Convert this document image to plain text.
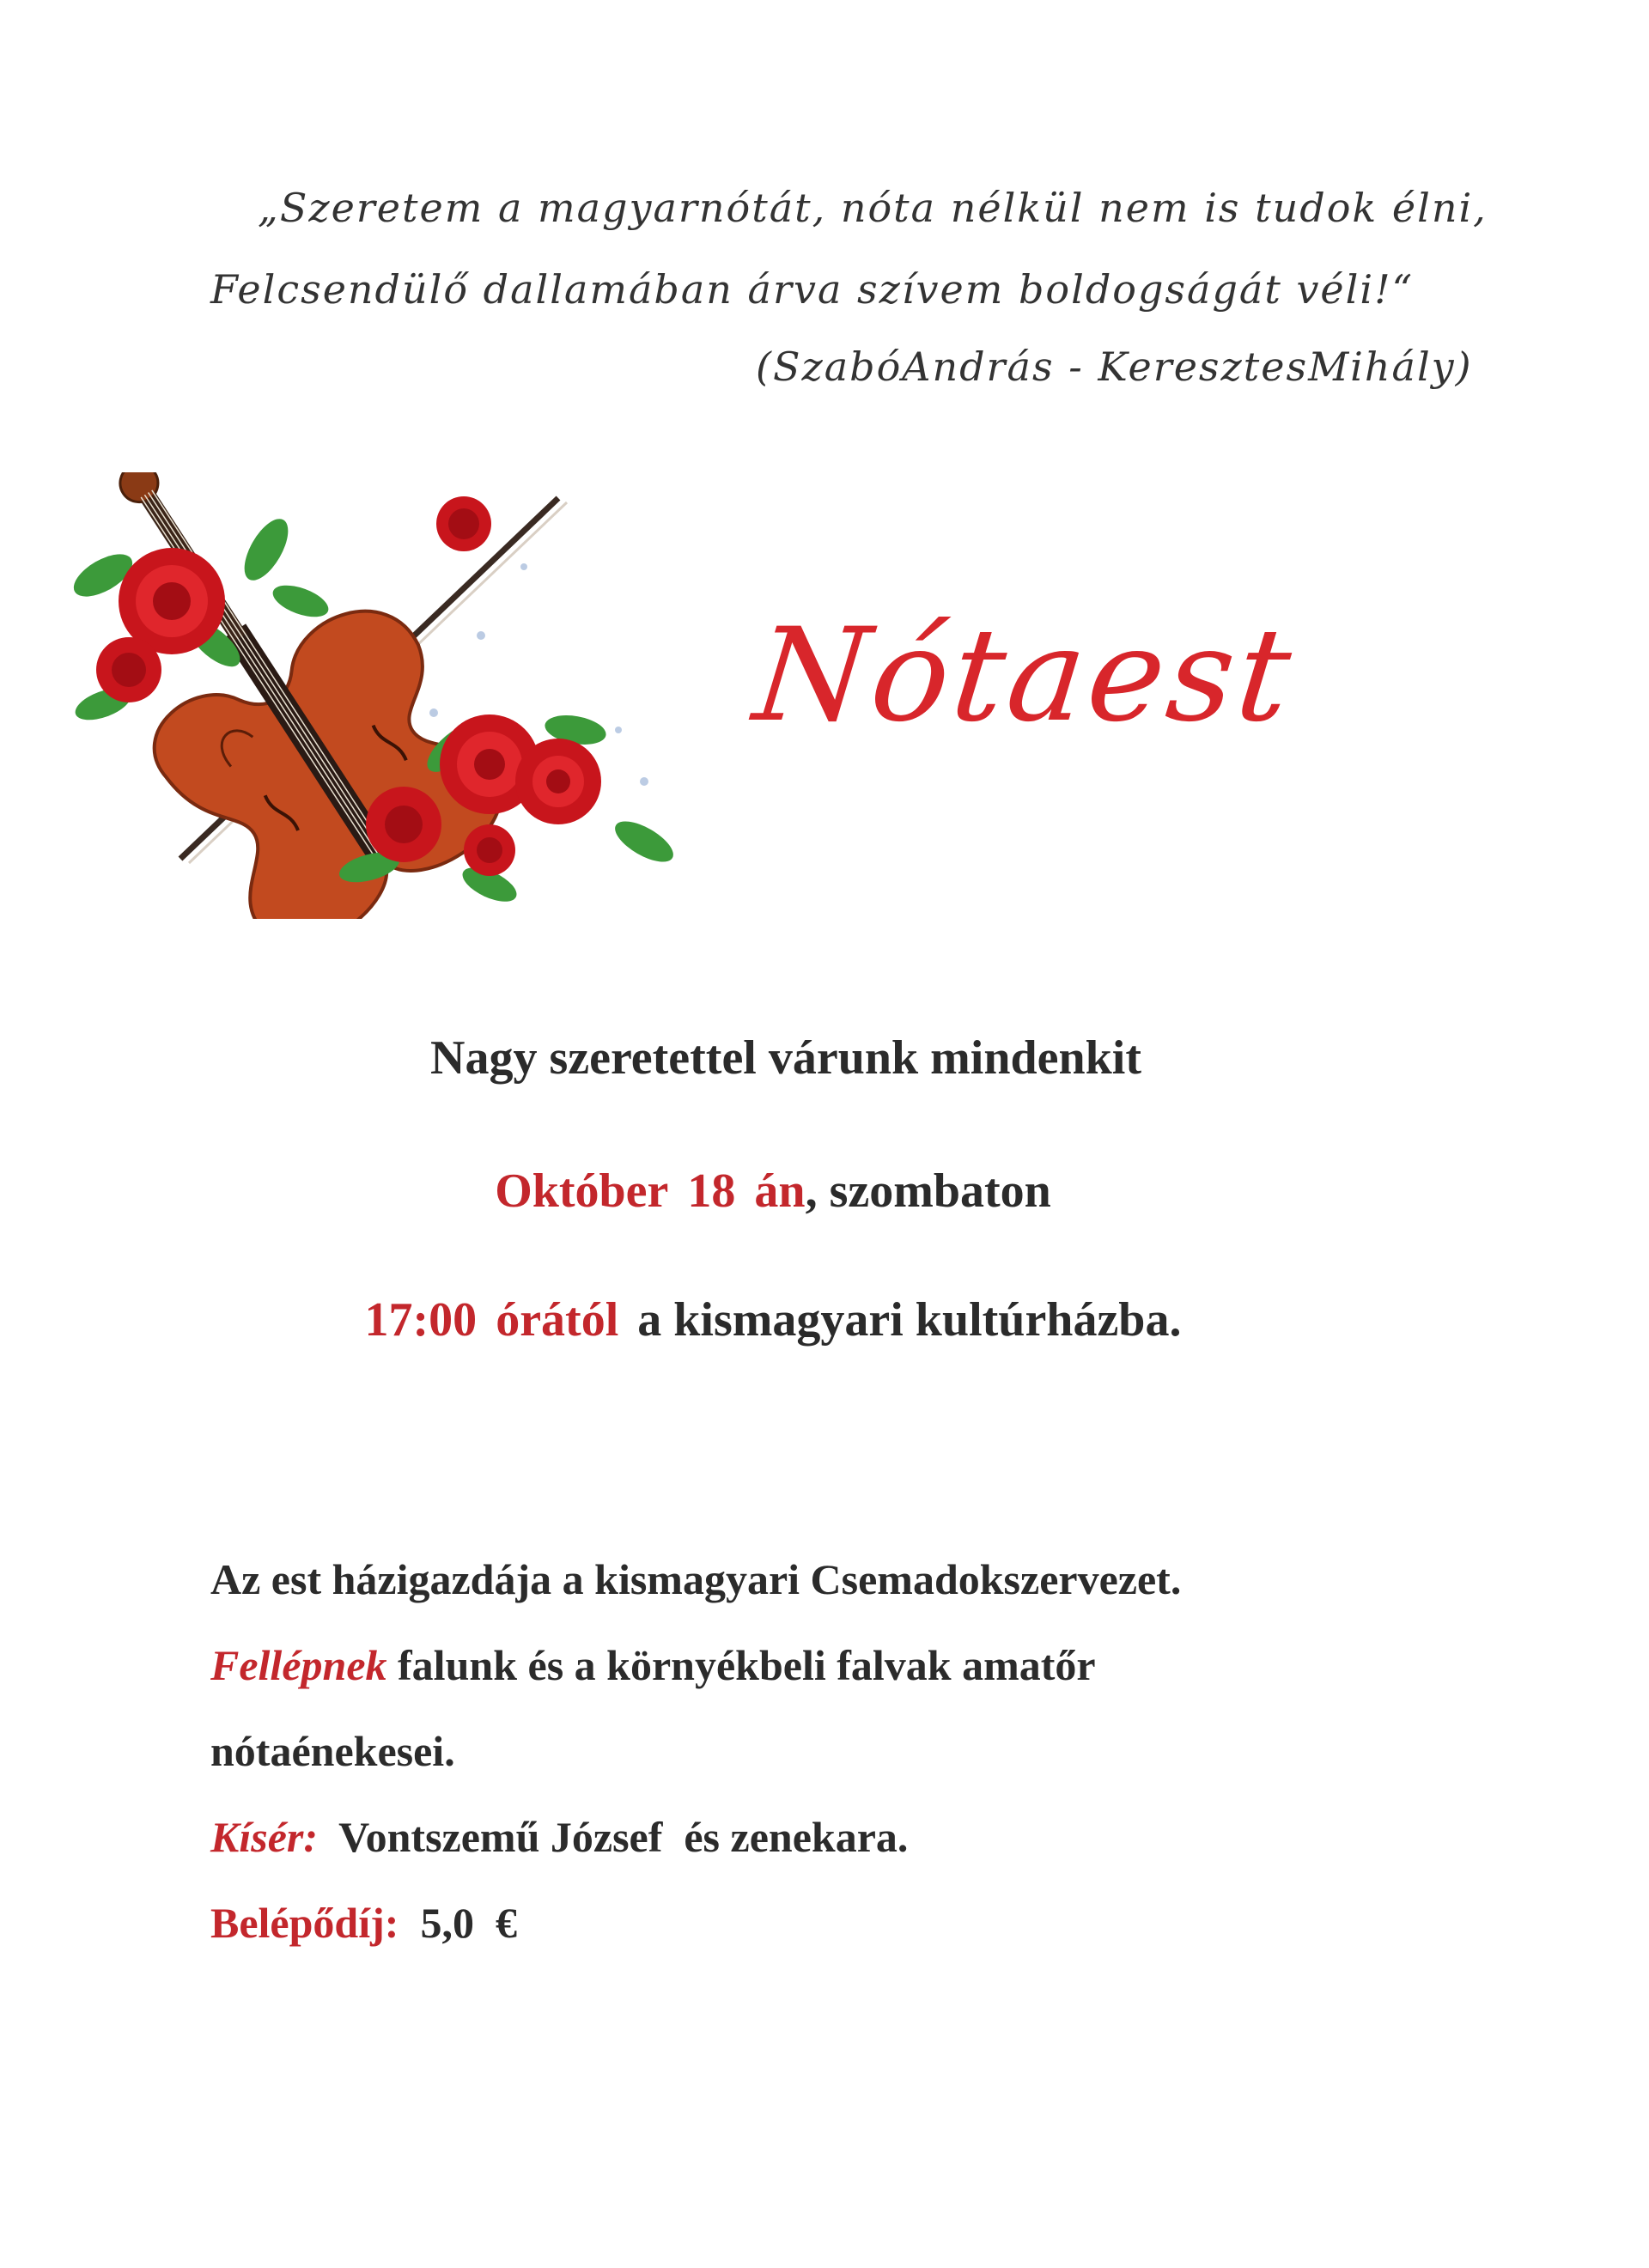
„Szeretem a magyarnótát, nóta nélkül nem is tudok élni,
Felcsendülő dallamában árva szívem boldogságát véli!“
(SzabóAndrás - KeresztesMihály)
Nótaest
Nagy szeretettel várunk mindenkit
Október 18 án, szombaton
17:00 órától a kismagyari kultúrházba.
Az est házigazdája a kismagyari Csemadokszervezet.
Fellépnek falunk és a környékbeli falvak amatőr
nótaénekesei.
Kísér:  Vontszemű József  és zenekara.
Belépődíj:  5,0  €
